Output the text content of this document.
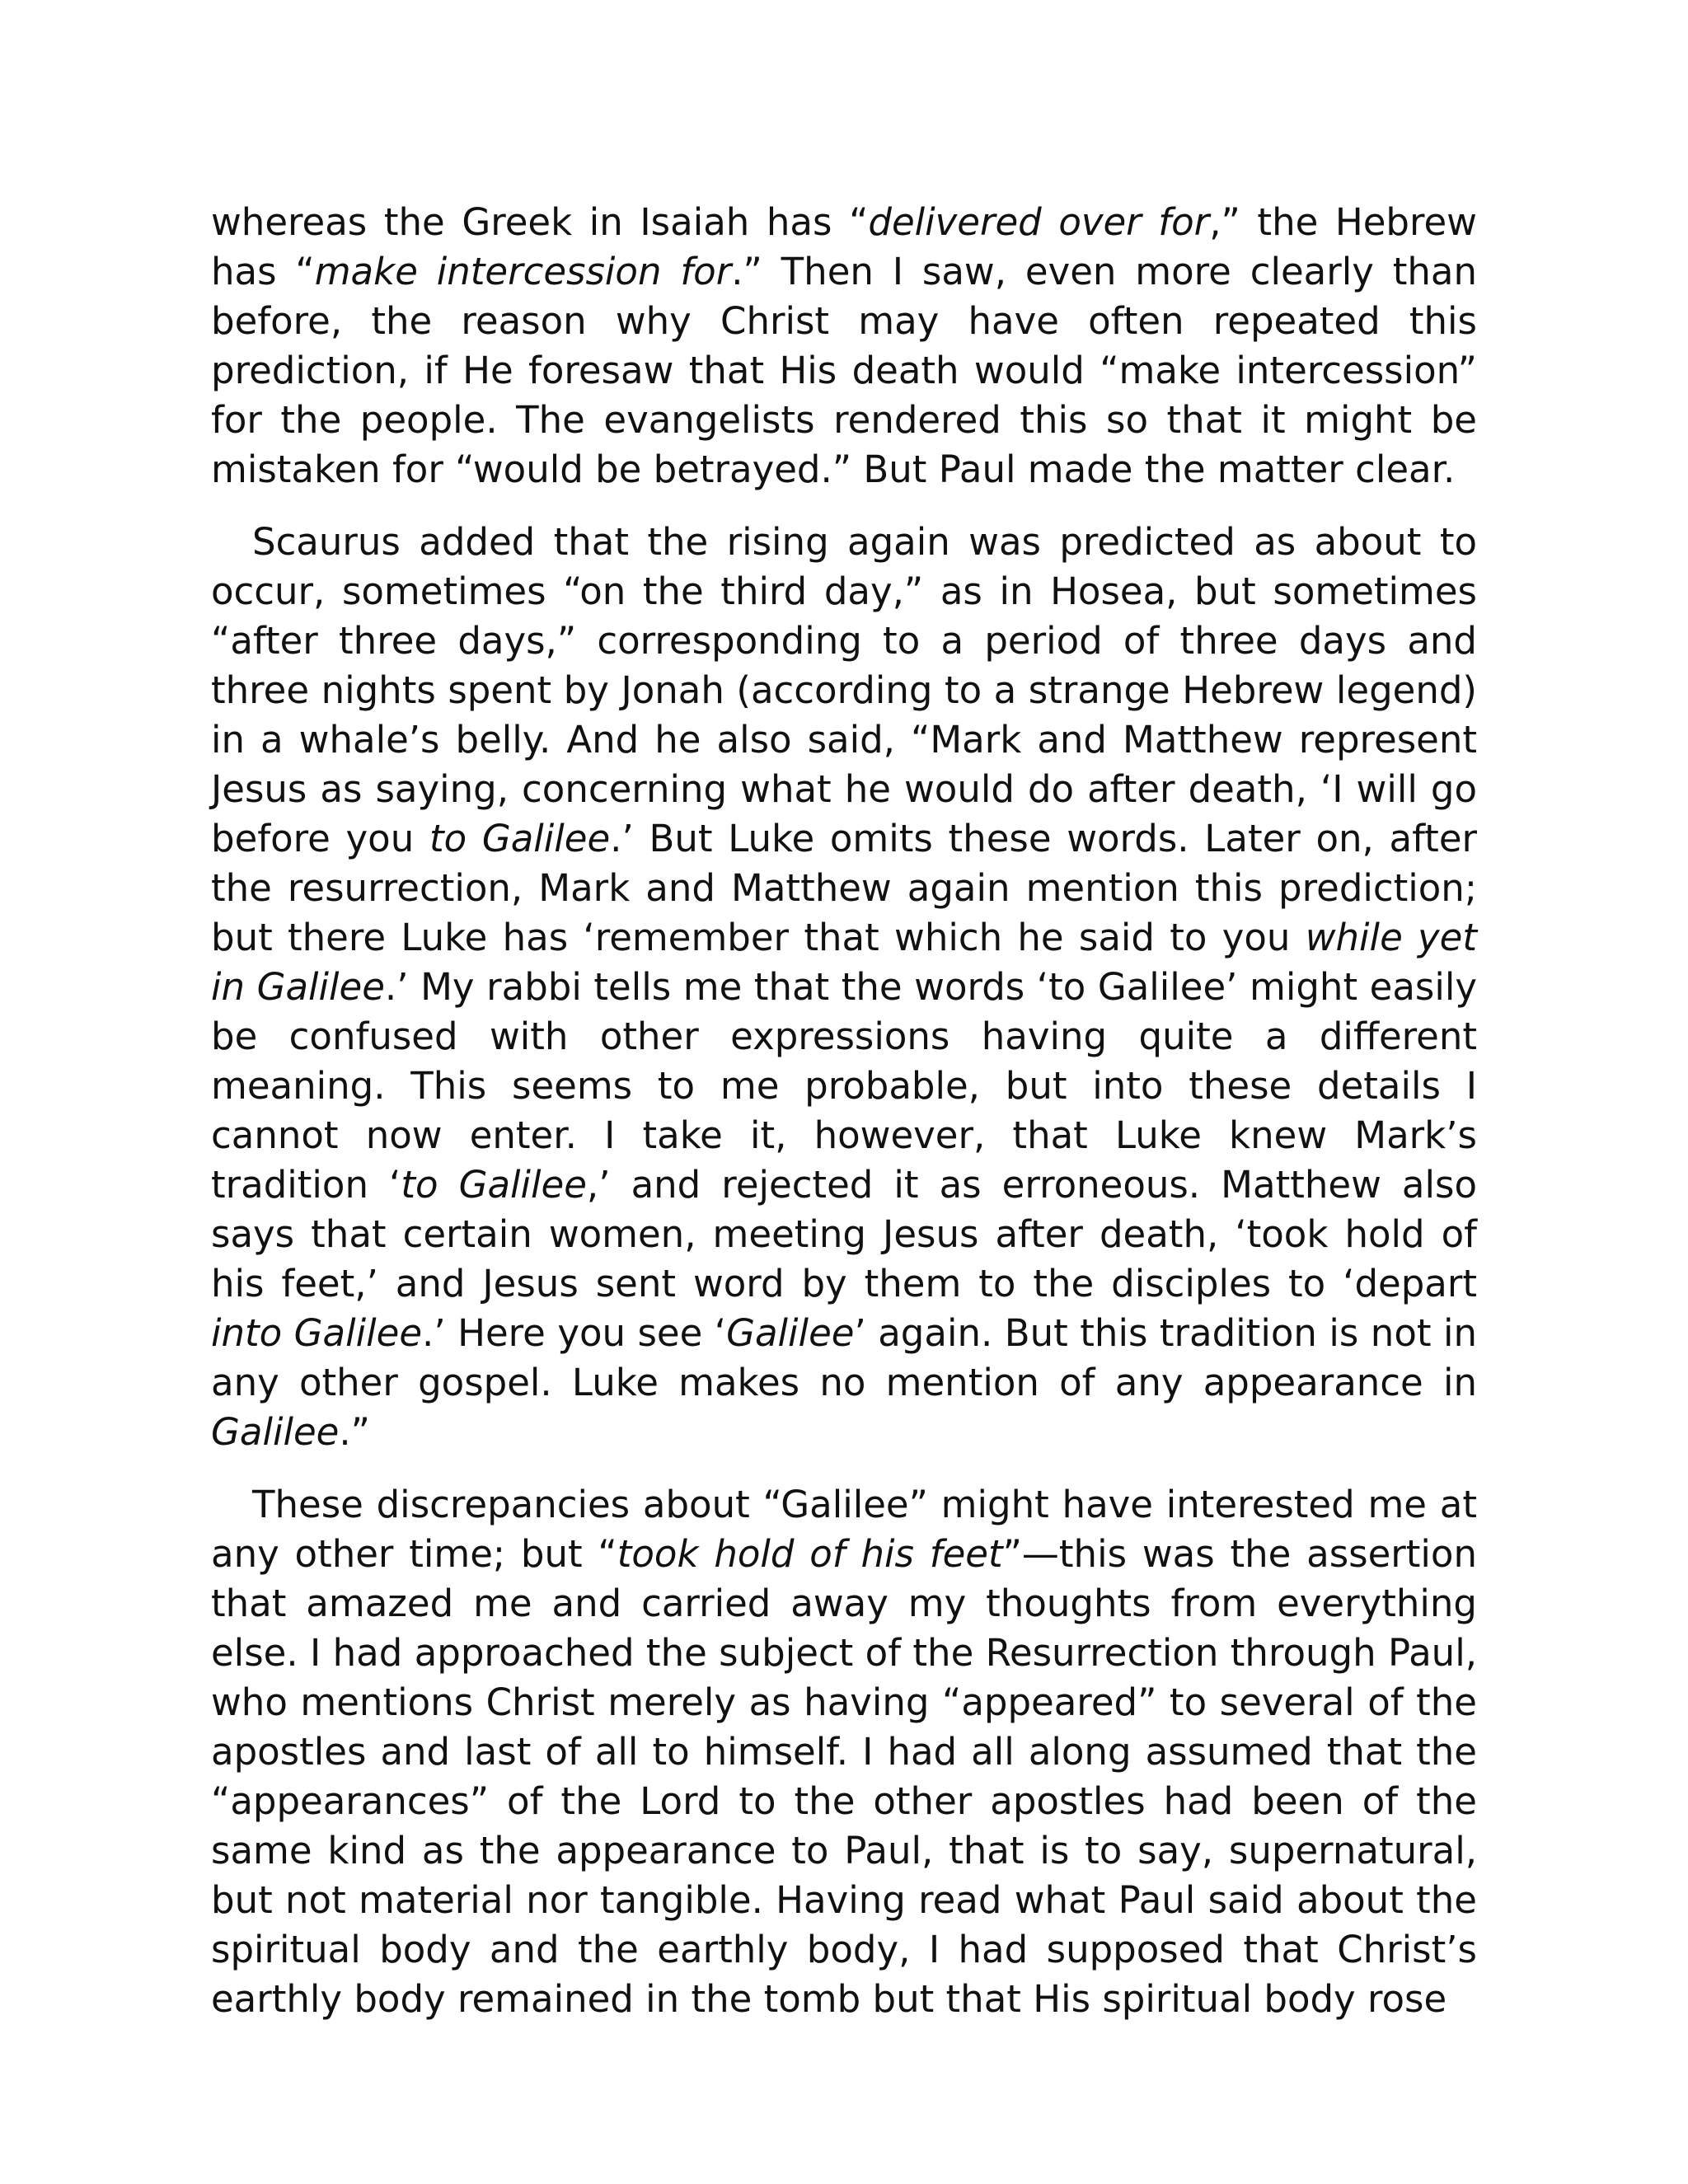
whereas the Greek in Isaiah has “delivered over for,” the Hebrew has “make intercession for.” Then I saw, even more clearly than before, the reason why Christ may have often repeated this prediction, if He foresaw that His death would “make intercession” for the people. The evangelists rendered this so that it might be mistaken for “would be betrayed.” But Paul made the matter clear.

Scaurus added that the rising again was predicted as about to occur, sometimes “on the third day,” as in Hosea, but sometimes “after three days,” corresponding to a period of three days and three nights spent by Jonah (according to a strange Hebrew legend) in a whale’s belly. And he also said, “Mark and Matthew represent Jesus as saying, concerning what he would do after death, ‘I will go before you to Galilee.’ But Luke omits these words. Later on, after the resurrection, Mark and Matthew again mention this prediction; but there Luke has ‘remember that which he said to you while yet in Galilee.’ My rabbi tells me that the words ‘to Galilee’ might easily be confused with other expressions having quite a different meaning. This seems to me probable, but into these details I cannot now enter. I take it, however, that Luke knew Mark’s tradition ‘to Galilee,’ and rejected it as erroneous. Matthew also says that certain women, meeting Jesus after death, ‘took hold of his feet,’ and Jesus sent word by them to the disciples to ‘depart into Galilee.’ Here you see ‘Galilee’ again. But this tradition is not in any other gospel. Luke makes no mention of any appearance in Galilee.”

These discrepancies about “Galilee” might have interested me at any other time; but “took hold of his feet”—this was the assertion that amazed me and carried away my thoughts from everything else. I had approached the subject of the Resurrection through Paul, who mentions Christ merely as having “appeared” to several of the apostles and last of all to himself. I had all along assumed that the “appearances” of the Lord to the other apostles had been of the same kind as the appearance to Paul, that is to say, supernatural, but not material nor tangible. Having read what Paul said about the spiritual body and the earthly body, I had supposed that Christ’s earthly body remained in the tomb but that His spiritual body rose
